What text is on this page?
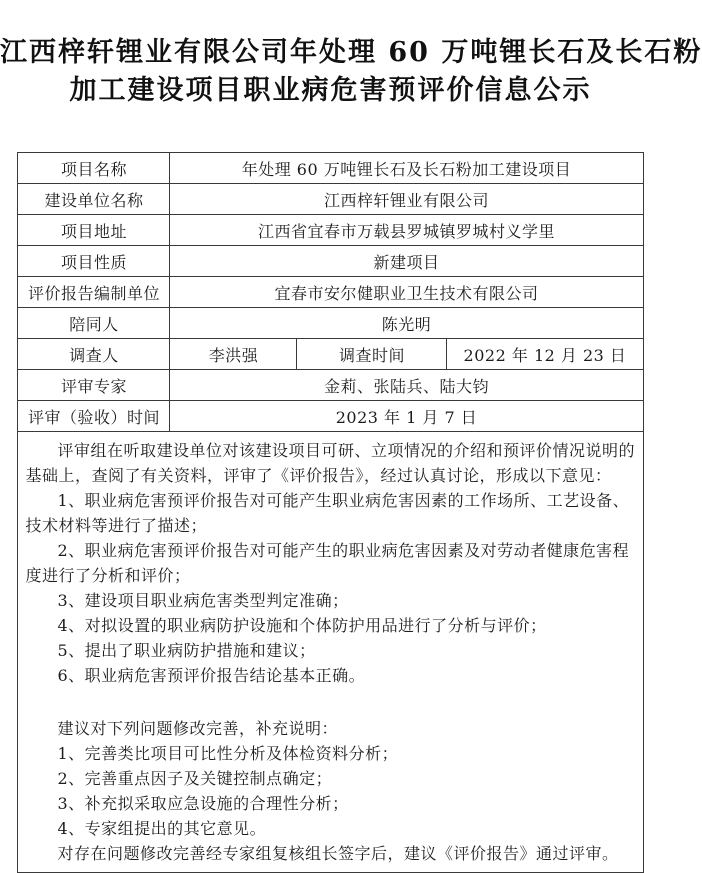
江西梓轩锂业有限公司年处理 60 万吨锂长石及长石粉
加工建设项目职业病危害预评价信息公示
项目名称	年处理 60 万吨锂长石及长石粉加工建设项目		
建设单位名称	江西梓轩锂业有限公司		
项目地址	江西省宜春市万载县罗城镇罗城村义学里		
项目性质	新建项目		
评价报告编制单位	宜春市安尔健职业卫生技术有限公司		
陪同人	陈光明		
调查人	李洪强	调查时间	2022 年 12 月 23 日
评审专家	金莉、张陆兵、陆大钧		
评审（验收）时间	2023 年 1 月 7 日		

评审组在听取建设单位对该建设项目可研、立项情况的介绍和预评价情况说明的基础上，查阅了有关资料，评审了《评价报告》，经过认真讨论，形成以下意见：

1、职业病危害预评价报告对可能产生职业病危害因素的工作场所、工艺设备、技术材料等进行了描述；

2、职业病危害预评价报告对可能产生的职业病危害因素及对劳动者健康危害程度进行了分析和评价；

3、建设项目职业病危害类型判定准确；

4、对拟设置的职业病防护设施和个体防护用品进行了分析与评价；

5、提出了职业病防护措施和建议；

6、职业病危害预评价报告结论基本正确。

建议对下列问题修改完善，补充说明：

1、完善类比项目可比性分析及体检资料分析；

2、完善重点因子及关键控制点确定；

3、补充拟采取应急设施的合理性分析；

4、专家组提出的其它意见。

对存在问题修改完善经专家组复核组长签字后，建议《评价报告》通过评审。
